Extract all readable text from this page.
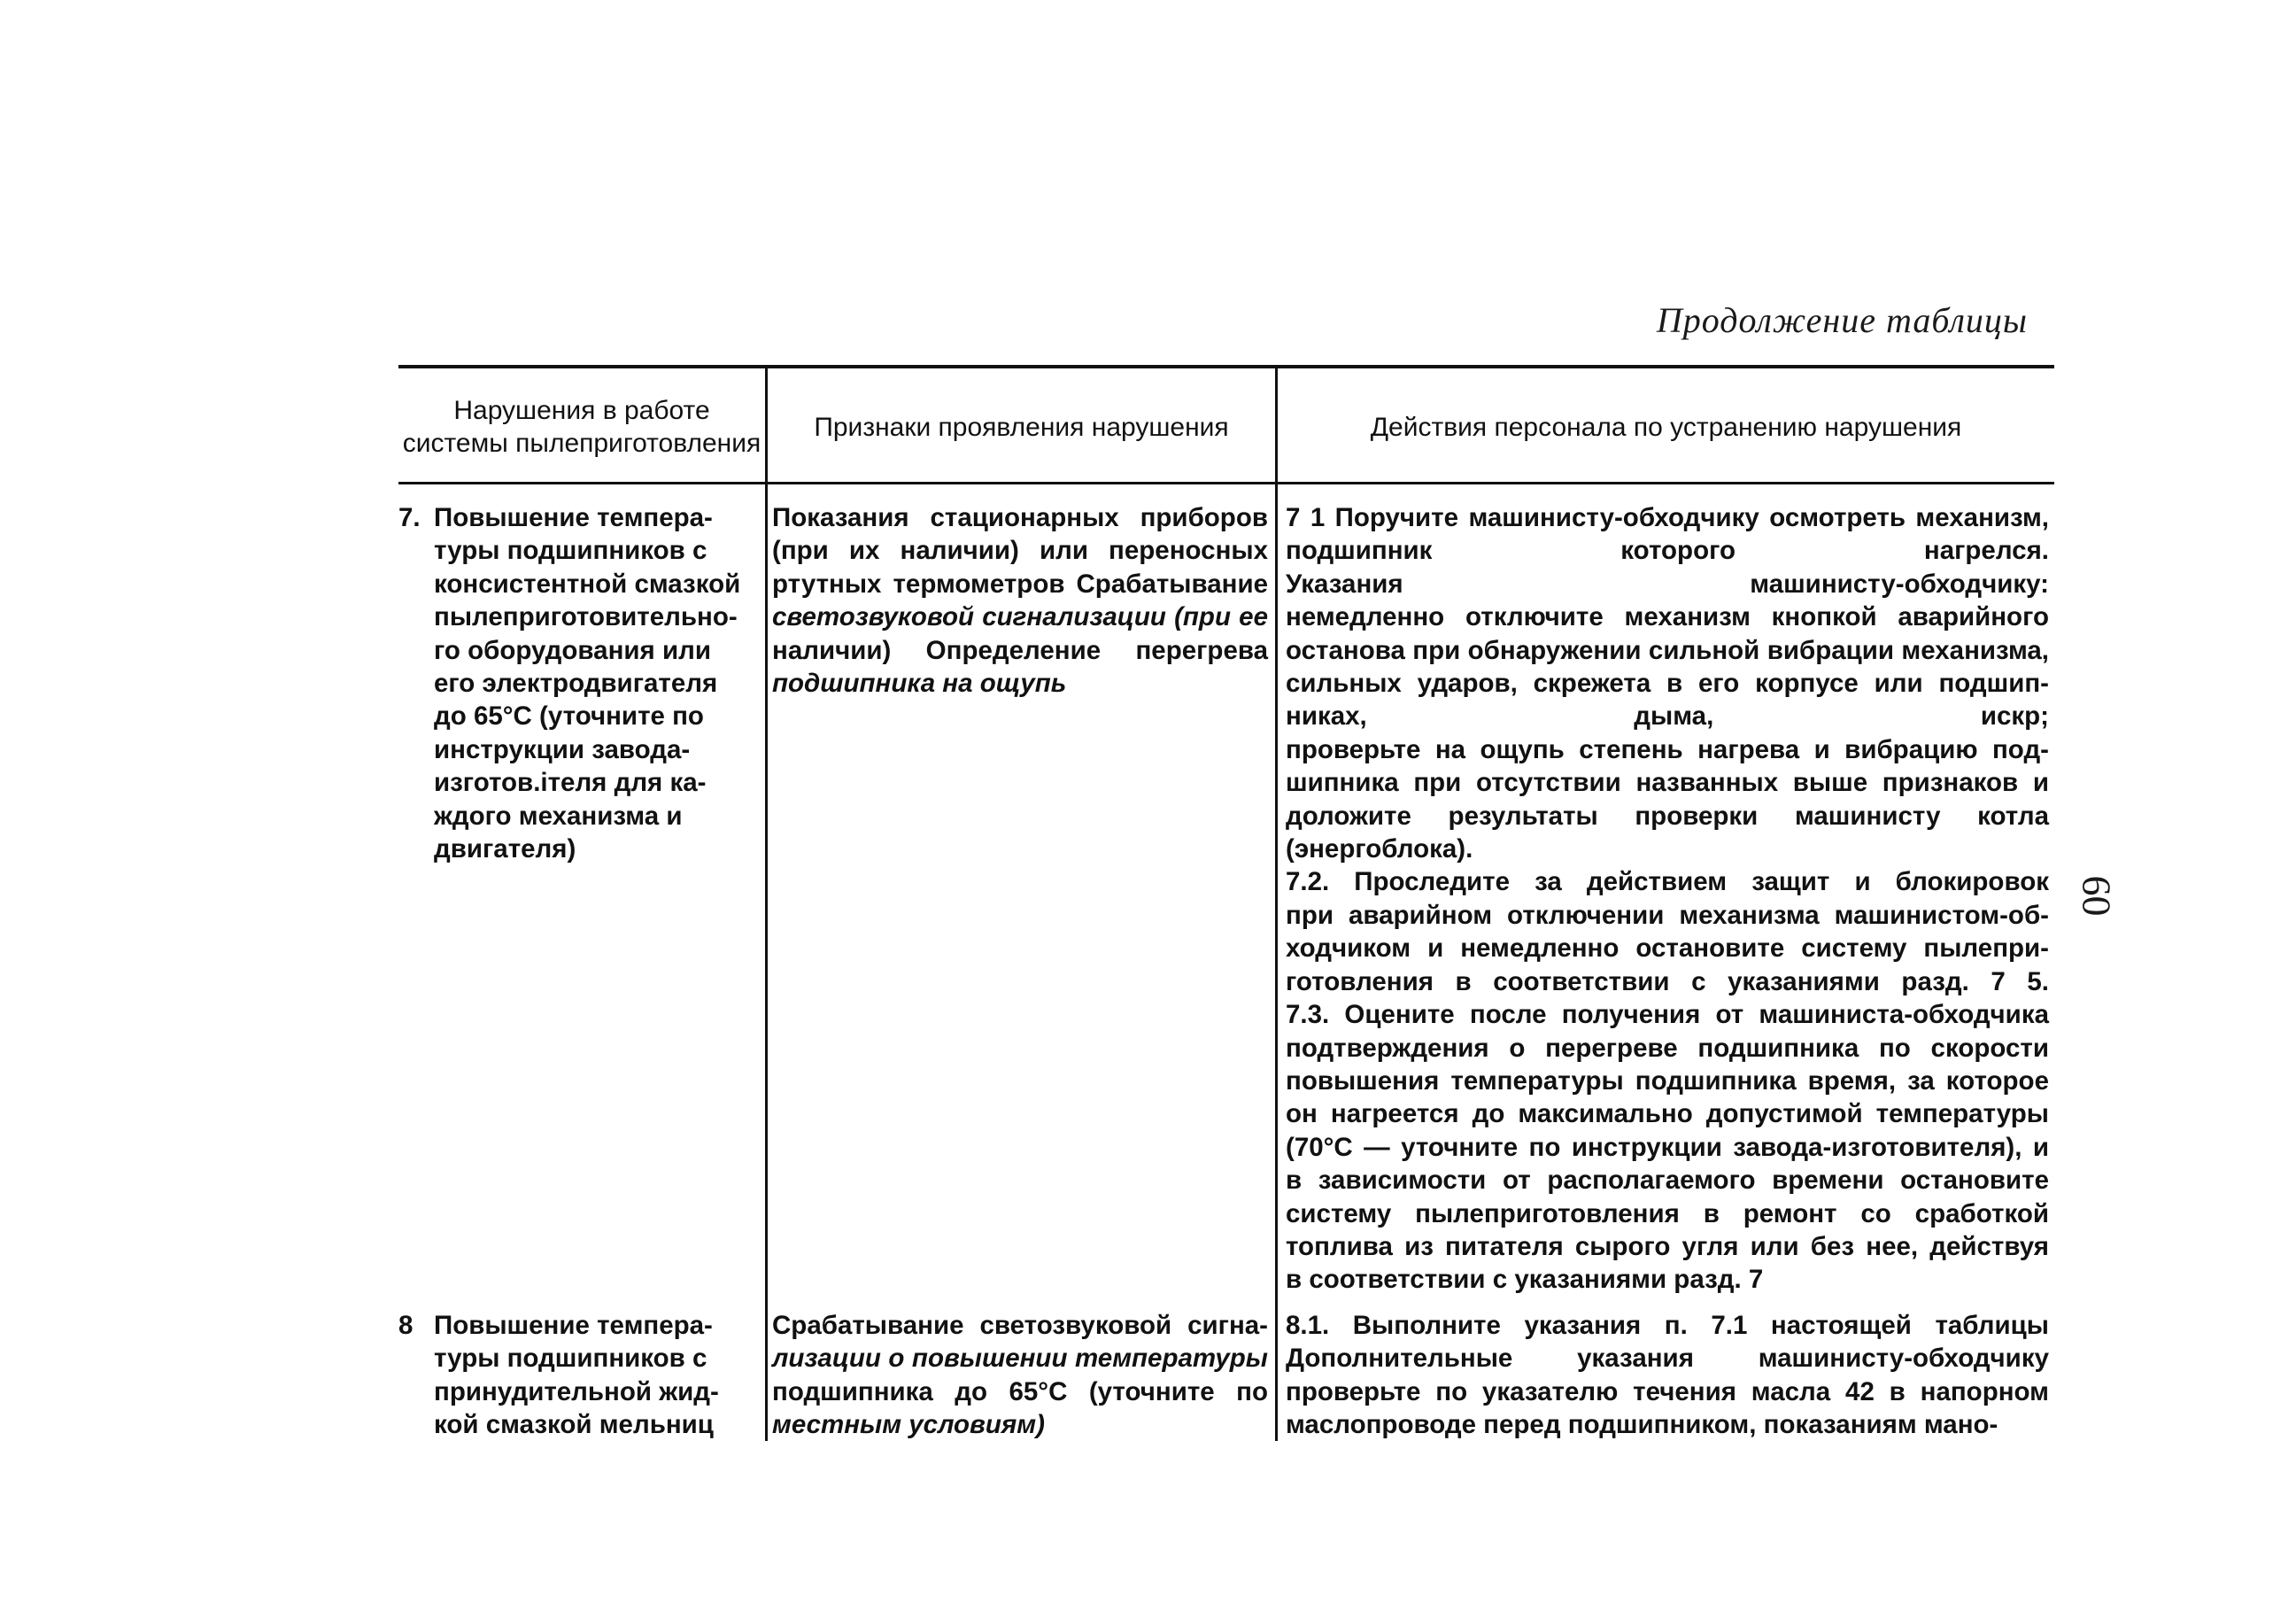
Продолжение таблицы
60
Нарушения в работе системы пылеприготовления
Признаки проявления нарушения	Действия персонала по устранению нарушения
7. Повышение темпера-
туры подшипников с
консистентной смазкой
пылеприготовительно-
го оборудования или
его электродвигателя
до 65°С (уточните по
инструкции завода-
изготов.ітеля для ка-
ждого механизма и
двигателя)
Показания стационарных приборов
(при их наличии) или переносных
ртутных термометров Срабатывание
светозвуковой сигнализации (при ее
наличии) Определение перегрева
подшипника на ощупь
7 1 Поручите машинисту-обходчику осмотреть механизм,
подшипник которого нагрелся.
Указания машинисту-обходчику:
немедленно отключите механизм кнопкой аварийного
останова при обнаружении сильной вибрации механизма,
сильных ударов, скрежета в его корпусе или подшип-
никах, дыма, искр;
проверьте на ощупь степень нагрева и вибрацию под-
шипника при отсутствии названных выше признаков и
доложите результаты проверки машинисту котла
(энергоблока).
7.2. Проследите за действием защит и блокировок
при аварийном отключении механизма машинистом-об-
ходчиком и немедленно остановите систему пылепри-
готовления в соответствии с указаниями разд. 7 5.
7.3. Оцените после получения от машиниста-обходчика
подтверждения о перегреве подшипника по скорости
повышения температуры подшипника время, за которое
он нагреется до максимально допустимой температуры
(70°С — уточните по инструкции завода-изготовителя), и
в зависимости от располагаемого времени остановите
систему пылеприготовления в ремонт со сработкой
топлива из питателя сырого угля или без нее, действуя
в соответствии с указаниями разд. 7
8 Повышение темпера-
туры подшипников с
принудительной жид-
кой смазкой мельниц
Срабатывание светозвуковой сигна-
лизации о повышении температуры
подшипника до 65°С (уточните по
местным условиям)
8.1. Выполните указания п. 7.1 настоящей таблицы
Дополнительные указания машинисту-обходчику
проверьте по указателю течения масла 42 в напорном
маслопроводе перед подшипником, показаниям мано-
